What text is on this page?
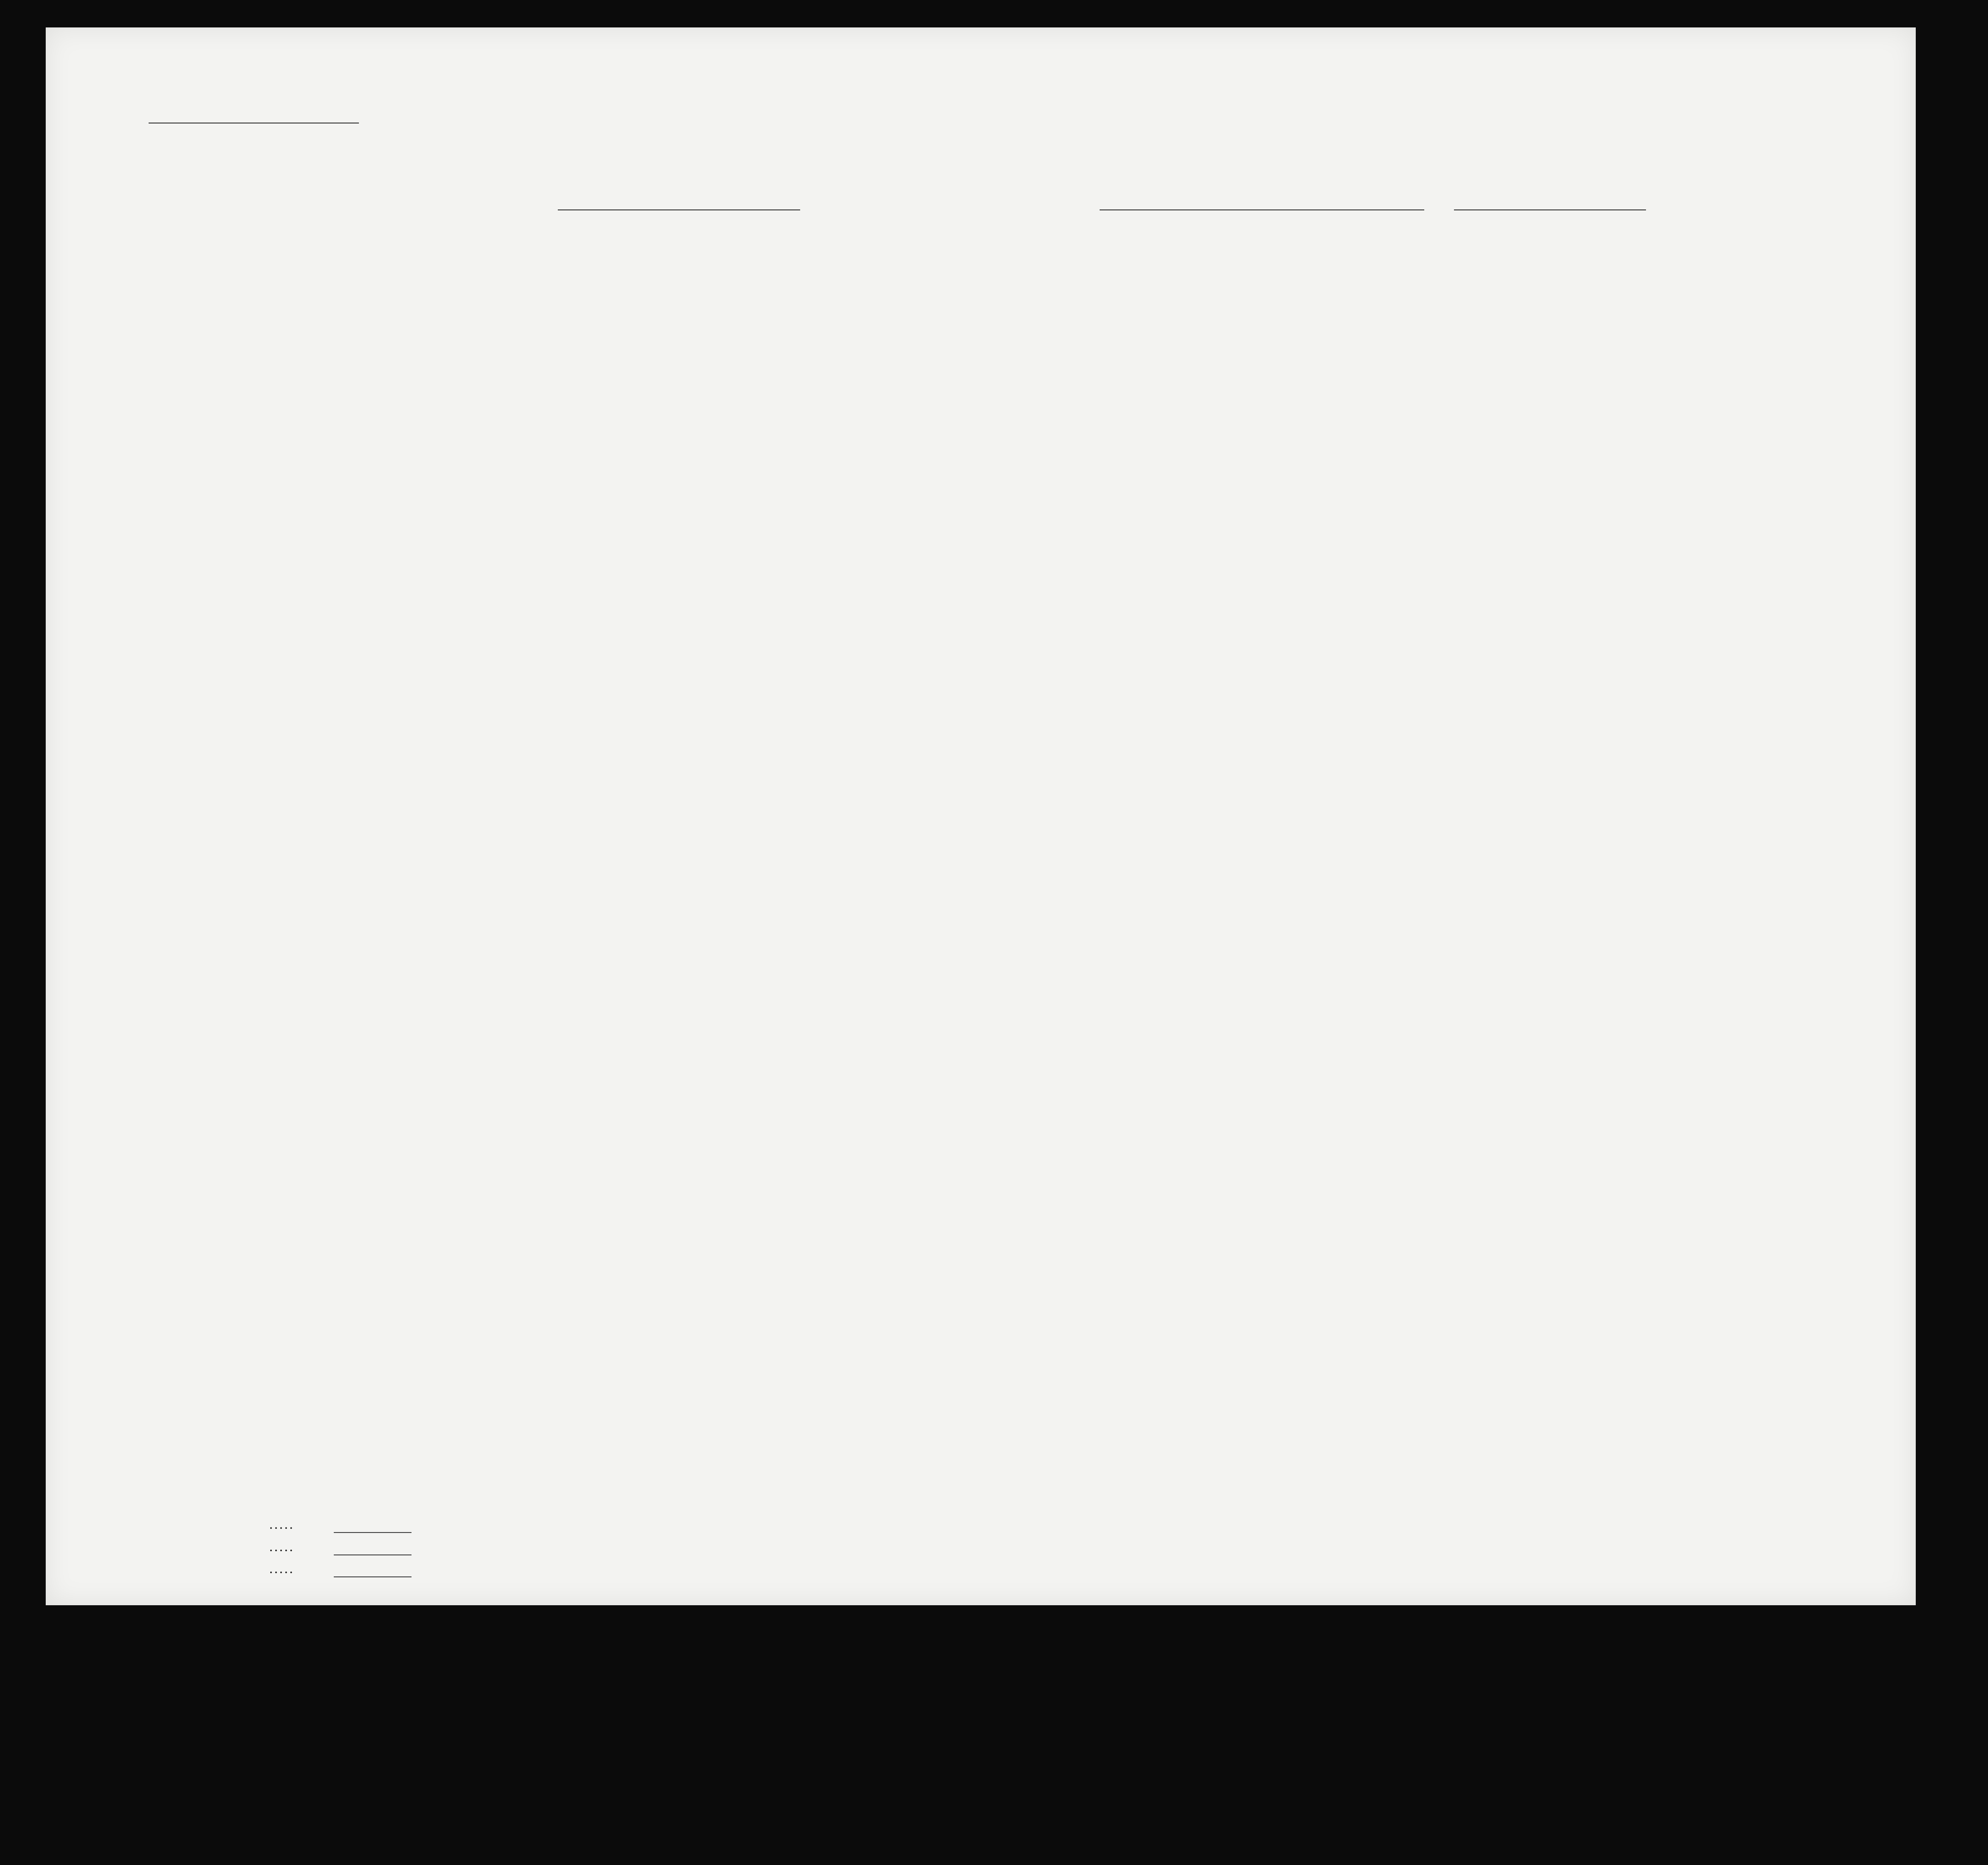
. . . . .
. . . . .
. . . . .
